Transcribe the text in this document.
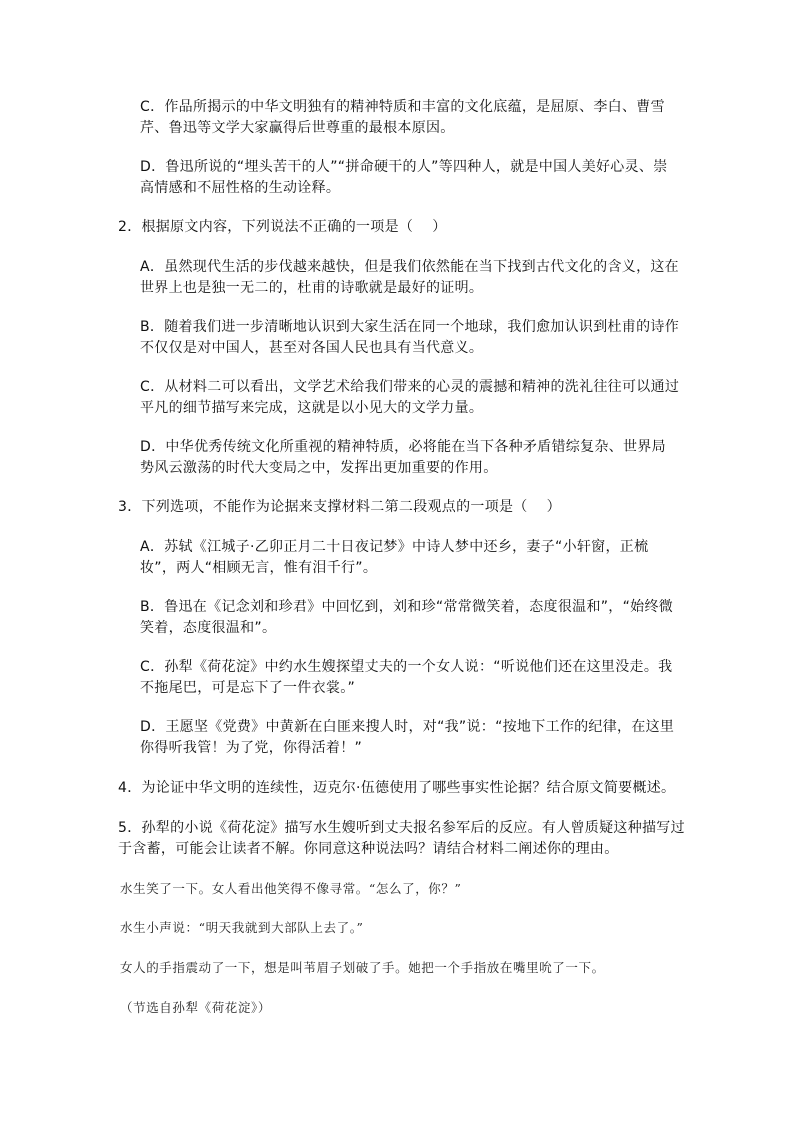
C．作品所揭示的中华文明独有的精神特质和丰富的文化底蕴，是屈原、李白、曹雪芹、鲁迅等文学大家赢得后世尊重的最根本原因。
D．鲁迅所说的“埋头苦干的人”“拼命硬干的人”等四种人，就是中国人美好心灵、崇高情感和不屈性格的生动诠释。
2．根据原文内容，下列说法不正确的一项是（    ）
A．虽然现代生活的步伐越来越快，但是我们依然能在当下找到古代文化的含义，这在世界上也是独一无二的，杜甫的诗歌就是最好的证明。
B．随着我们进一步清晰地认识到大家生活在同一个地球，我们愈加认识到杜甫的诗作不仅仅是对中国人，甚至对各国人民也具有当代意义。
C．从材料二可以看出，文学艺术给我们带来的心灵的震撼和精神的洗礼往往可以通过平凡的细节描写来完成，这就是以小见大的文学力量。
D．中华优秀传统文化所重视的精神特质，必将能在当下各种矛盾错综复杂、世界局势风云激荡的时代大变局之中，发挥出更加重要的作用。
3．下列选项，不能作为论据来支撑材料二第二段观点的一项是（    ）
A．苏轼《江城子·乙卯正月二十日夜记梦》中诗人梦中还乡，妻子“小轩窗，正梳妆”，两人“相顾无言，惟有泪千行”。
B．鲁迅在《记念刘和珍君》中回忆到，刘和珍“常常微笑着，态度很温和”，“始终微笑着，态度很温和”。
C．孙犁《荷花淀》中约水生嫂探望丈夫的一个女人说：“听说他们还在这里没走。我不拖尾巴，可是忘下了一件衣裳。”
D．王愿坚《党费》中黄新在白匪来搜人时，对“我”说：“按地下工作的纪律，在这里你得听我管！为了党，你得活着！”
4．为论证中华文明的连续性，迈克尔·伍德使用了哪些事实性论据？结合原文简要概述。
5．孙犁的小说《荷花淀》描写水生嫂听到丈夫报名参军后的反应。有人曾质疑这种描写过于含蓄，可能会让读者不解。你同意这种说法吗？请结合材料二阐述你的理由。
水生笑了一下。女人看出他笑得不像寻常。“怎么了，你？”
水生小声说：“明天我就到大部队上去了。”
女人的手指震动了一下，想是叫苇眉子划破了手。她把一个手指放在嘴里吮了一下。
（节选自孙犁《荷花淀》）
